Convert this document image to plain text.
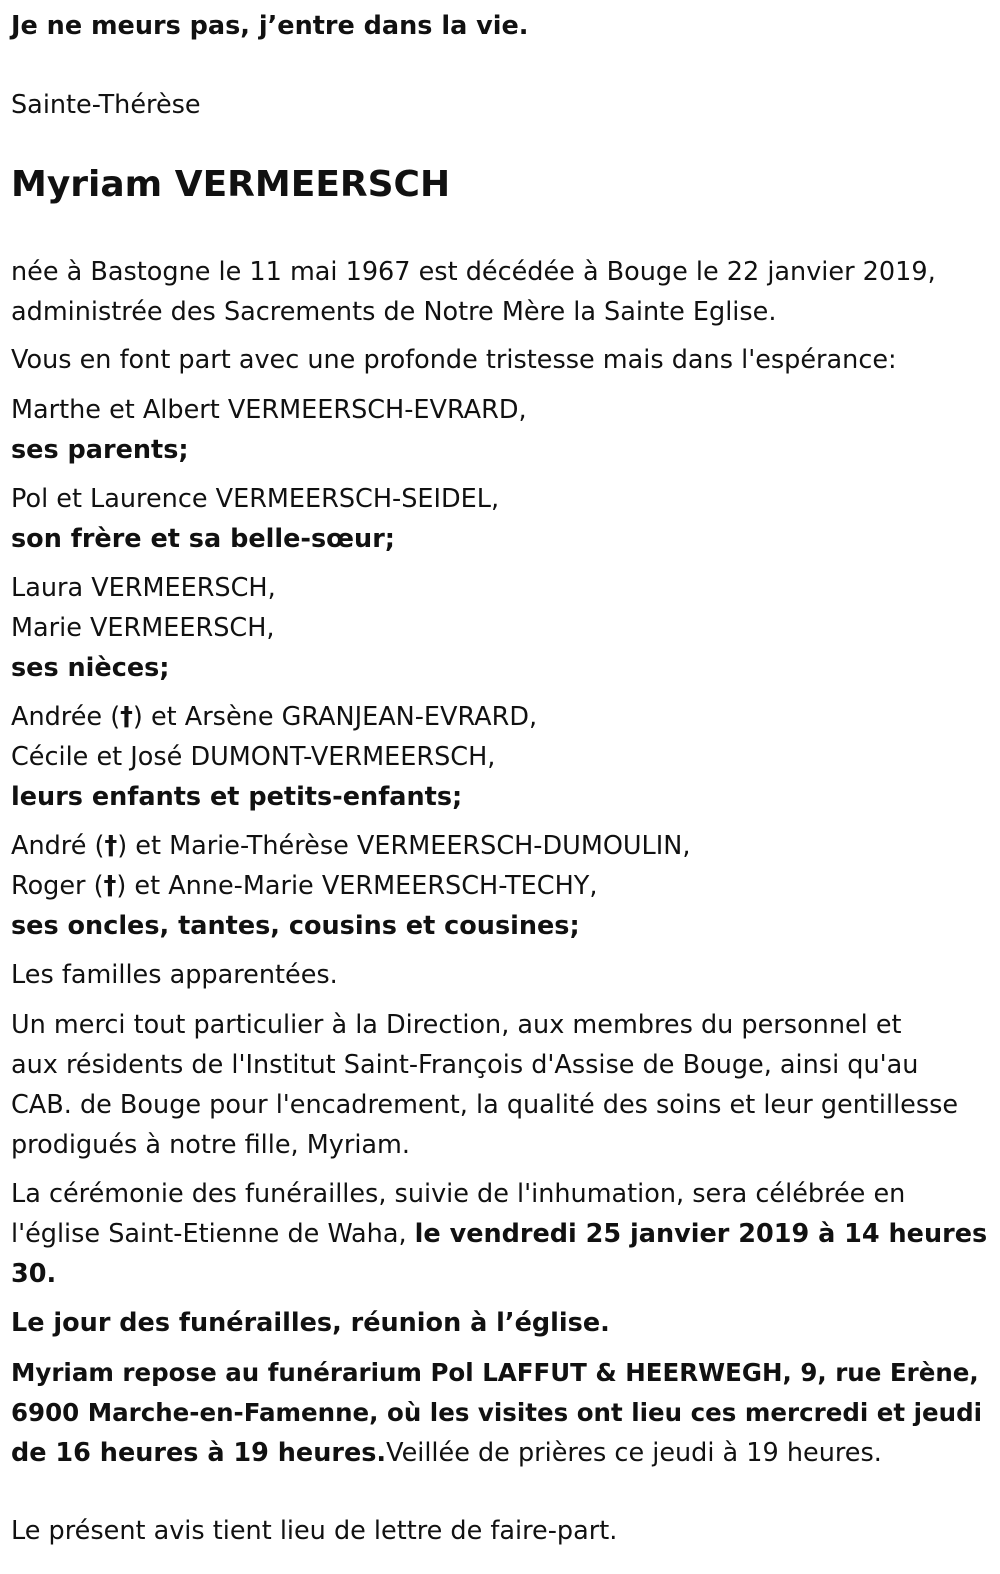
Je ne meurs pas, j’entre dans la vie.
Sainte-Thérèse
Myriam VERMEERSCH
née à Bastogne le 11 mai 1967 est décédée à Bouge le 22 janvier 2019,
administrée des Sacrements de Notre Mère la Sainte Eglise.
Vous en font part avec une profonde tristesse mais dans l'espérance:
Marthe et Albert VERMEERSCH-EVRARD,
ses parents;
Pol et Laurence VERMEERSCH-SEIDEL,
son frère et sa belle-sœur;
Laura VERMEERSCH,
Marie VERMEERSCH,
ses nièces;
Andrée (†) et Arsène GRANJEAN-EVRARD,
Cécile et José DUMONT-VERMEERSCH,
leurs enfants et petits-enfants;
André (†) et Marie-Thérèse VERMEERSCH-DUMOULIN,
Roger (†) et Anne-Marie VERMEERSCH-TECHY,
ses oncles, tantes, cousins et cousines;
Les familles apparentées.
Un merci tout particulier à la Direction, aux membres du personnel et
aux résidents de l'Institut Saint-François d'Assise de Bouge, ainsi qu'au
CAB. de Bouge pour l'encadrement, la qualité des soins et leur gentillesse
prodigués à notre fille, Myriam.
La cérémonie des funérailles, suivie de l'inhumation, sera célébrée en
l'église Saint-Etienne de Waha, le vendredi 25 janvier 2019 à 14 heures
30.
Le jour des funérailles, réunion à l’église.
Myriam repose au funérarium Pol LAFFUT & HEERWEGH, 9, rue Erène,
6900 Marche-en-Famenne, où les visites ont lieu ces mercredi et jeudi
de 16 heures à 19 heures.Veillée de prières ce jeudi à 19 heures.
Le présent avis tient lieu de lettre de faire-part.
